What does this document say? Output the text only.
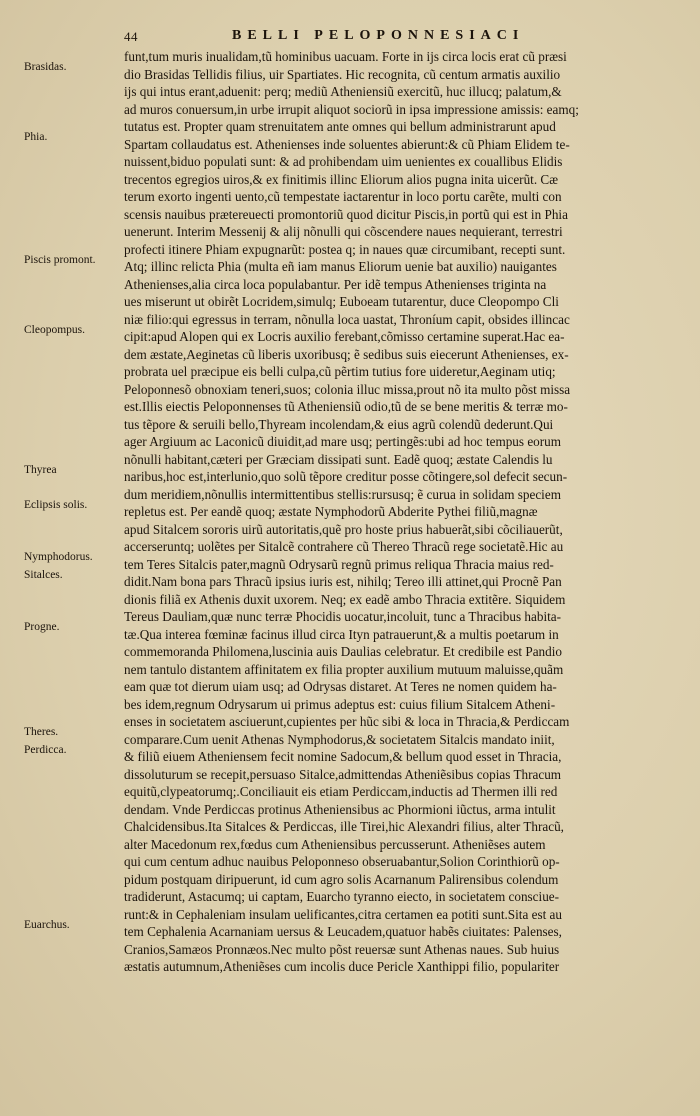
44	BELLI PELOPONNESIACI
Brasidas.
Phia.
Piscis promont.
Cleopompus.
Thyrea
Eclipsis solis.
Nymphodorus.
Sitalces.
Progne.
Theres.
Perdicca.
Euarchus.
funt,tum muris inualidam,tũ hominibus uacuam. Forte in ijs circa locis erat cũ præsi
dio Brasidas Tellidis filius, uir Spartiates. Hic recognita, cũ centum armatis auxilio
ijs qui intus erant,aduenit: perq; mediũ Atheniensiũ exercitũ, huc illucq; palatum,&
ad muros conuersum,in urbe irrupit aliquot sociorũ in ipsa impressione amissis: eamq;
tutatus est. Propter quam strenuitatem ante omnes qui bellum administrarunt apud
Spartam collaudatus est. Athenienses inde soluentes abierunt:& cũ Phiam Elidem te-
nuissent,biduo populati sunt: & ad prohibendam uim uenientes ex couallibus Elidis
trecentos egregios uiros,& ex finitimis illinc Eliorum alios pugna inita uicerũt. Cæ
terum exorto ingenti uento,cũ tempestate iactarentur in loco portu carẽte, multi con
scensis nauibus prætereuecti promontoriũ quod dicitur Piscis,in portũ qui est in Phia
uenerunt. Interim Messenij & alij nõnulli qui cõscendere naues nequierant, terrestri
profecti itinere Phiam expugnarũt: postea q; in naues quæ circumibant, recepti sunt.
Atq; illinc relicta Phia (multa eñ iam manus Eliorum uenie bat auxilio) nauigantes
Athenienses,alia circa loca populabantur. Per idẽ tempus Athenienses triginta na
ues miserunt ut obirẽt Locridem,simulq; Euboeam tutarentur, duce Cleopompo Cli
niæ filio:qui egressus in terram, nõnulla loca uastat, Throníum capit, obsides illincac
cipit:apud Alopen qui ex Locris auxilio ferebant,cõmisso certamine superat.Hac ea-
dem æstate,Aeginetas cũ liberis uxoribusq; ẽ sedibus suis eiecerunt Athenienses, ex-
probrata uel præcipue eis belli culpa,cũ pẽrtim tutius fore uideretur,Aeginam utiq;
Peloponnesõ obnoxiam teneri,suos; colonia illuc missa,prout nõ ita multo põst missa
est.Illis eiectis Peloponnenses tũ Atheniensiũ odio,tũ de se bene meritis & terræ mo-
tus tẽpore & seruili bello,Thyream incolendam,& eius agrũ colendũ dederunt.Qui
ager Argiuum ac Laconicũ diuidit,ad mare usq; pertingẽs:ubi ad hoc tempus eorum
nõnulli habitant,cæteri per Græciam dissipati sunt. Eadẽ quoq; æstate Calendis lu
naribus,hoc est,interlunio,quo solũ tẽpore creditur posse cõtingere,sol defecit secun-
dum meridiem,nõnullis intermittentibus stellis:rursusq; ẽ curua in solidam speciem
repletus est. Per eandẽ quoq; æstate Nymphodorũ Abderite Pythei filiũ,magnæ
apud Sitalcem sororis uirũ autoritatis,quẽ pro hoste prius habuerãt,sibi cõciliauerũt,
accerseruntq; uolẽtes per Sitalcẽ contrahere cũ Thereo Thracũ rege societatẽ.Hic au
tem Teres Sitalcis pater,magnũ Odrysarũ regnũ primus reliqua Thracia maius red-
didit.Nam bona pars Thracũ ipsius iuris est, nihilq; Tereo illi attinet,qui Procnẽ Pan
dionis filiã ex Athenis duxit uxorem. Neq; ex eadẽ ambo Thracia extitẽre. Siquidem
Tereus Dauliam,quæ nunc terræ Phocidis uocatur,incoluit, tunc a Thracibus habita-
tæ.Qua interea fœminæ facinus illud circa Ityn patrauerunt,& a multis poetarum in
commemoranda Philomena,luscinia auis Daulias celebratur. Et credibile est Pandio
nem tantulo distantem affinitatem ex filia propter auxilium mutuum maluisse,quãm
eam quæ tot dierum uiam usq; ad Odrysas distaret. At Teres ne nomen quidem ha-
bes idem,regnum Odrysarum ui primus adeptus est: cuius filium Sitalcem Atheni-
enses in societatem asciuerunt,cupientes per hũc sibi & loca in Thracia,& Perdiccam
comparare.Cum uenit Athenas Nymphodorus,& societatem Sitalcis mandato iniit,
& filiũ eiuem Atheniensem fecit nomine Sadocum,& bellum quod esset in Thracia,
dissoluturum se recepit,persuaso Sitalce,admittendas Atheniẽsibus copias Thracum
equitũ,clypeatorumq;.Conciliauit eis etiam Perdiccam,inductis ad Thermen illi red
dendam. Vnde Perdiccas protinus Atheniensibus ac Phormioni iũctus, arma intulit
Chalcidensibus.Ita Sitalces & Perdiccas, ille Tirei,hic Alexandri filius, alter Thracũ,
alter Macedonum rex,fœdus cum Atheniensibus percusserunt. Atheniẽses autem
qui cum centum adhuc nauibus Peloponneso obseruabantur,Solion Corinthiorũ op-
pidum postquam diripuerunt, id cum agro solis Acarnanum Palirensibus colendum
tradiderunt, Astacumq; ui captam, Euarcho tyranno eiecto, in societatem consciue-
runt:& in Cephaleniam insulam uelificantes,citra certamen ea potiti sunt.Sita est au
tem Cephalenia Acarnaniam uersus & Leucadem,quatuor habẽs ciuitates: Palenses,
Cranios,Samæos Pronnæos.Nec multo põst reuersæ sunt Athenas naues. Sub huius
æstatis autumnum,Atheniẽses cum incolis duce Pericle Xanthippi filio, populariter
